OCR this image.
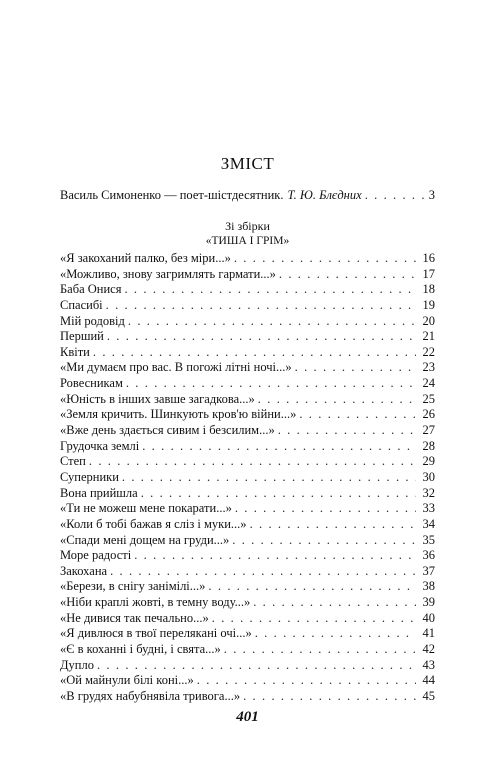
ЗМІСТ
Василь Симоненко — поет-шістдесятник. Т. Ю. Блєдних . . .	3
Зі збірки
«ТИША І ГРІМ»
«Я закоханий палко, без міри...» . . .	16
«Можливо, знову загримлять гармати...» . . .	17
Баба Онися . . .	18
Спасибі . . .	19
Мій родовід . . .	20
Перший . . .	21
Квіти . . .	22
«Ми думаєм про вас. В погожі літні ночі...» . . .	23
Ровесникам . . .	24
«Юність в інших завше загадкова...» . . .	25
«Земля кричить. Шинкують кров'ю війни...» . . .	26
«Вже день здається сивим і безсилим...» . . .	27
Грудочка землі . . .	28
Степ . . .	29
Суперники . . .	30
Вона прийшла . . .	32
«Ти не можеш мене покарати...» . . .	33
«Коли б тобі бажав я сліз і муки...» . . .	34
«Спади мені дощем на груди...» . . .	35
Море радості . . .	36
Закохана . . .	37
«Берези, в снігу занімілі...» . . .	38
«Ніби краплі жовті, в темну воду...» . . .	39
«Не дивися так печально...» . . .	40
«Я дивлюся в твої перелякані очі...» . . .	41
«Є в коханні і будні, і свята...» . . .	42
Дупло . . .	43
«Ой майнули білі коні...» . . .	44
«В грудях набубнявіла тривога...» . . .	45
401
